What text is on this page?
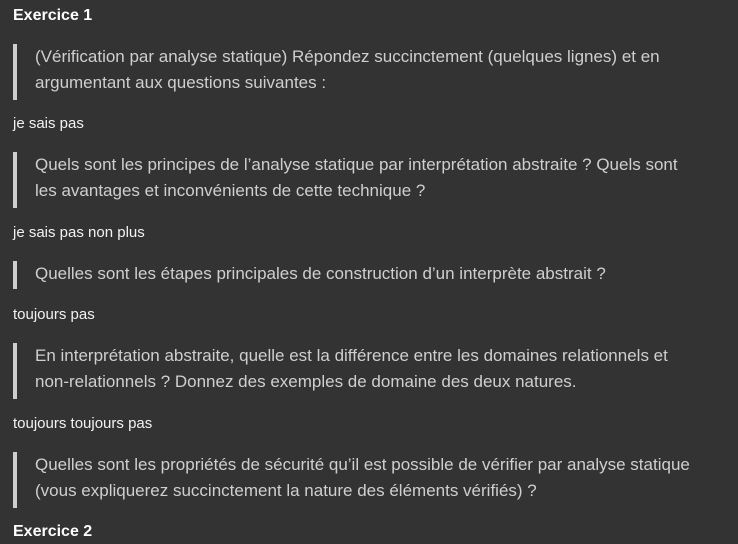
Exercice 1

(Vérification par analyse statique) Répondez succinctement (quelques lignes) et en argumentant aux questions suivantes :

je sais pas

Quels sont les principes de l’analyse statique par interprétation abstraite ? Quels sont les avantages et inconvénients de cette technique ?

je sais pas non plus

Quelles sont les étapes principales de construction d’un interprète abstrait ?

toujours pas

En interprétation abstraite, quelle est la différence entre les domaines relationnels et non-relationnels ? Donnez des exemples de domaine des deux natures.

toujours toujours pas

Quelles sont les propriétés de sécurité qu’il est possible de vérifier par analyse statique (vous expliquerez succinctement la nature des éléments vérifiés) ?

Exercice 2
